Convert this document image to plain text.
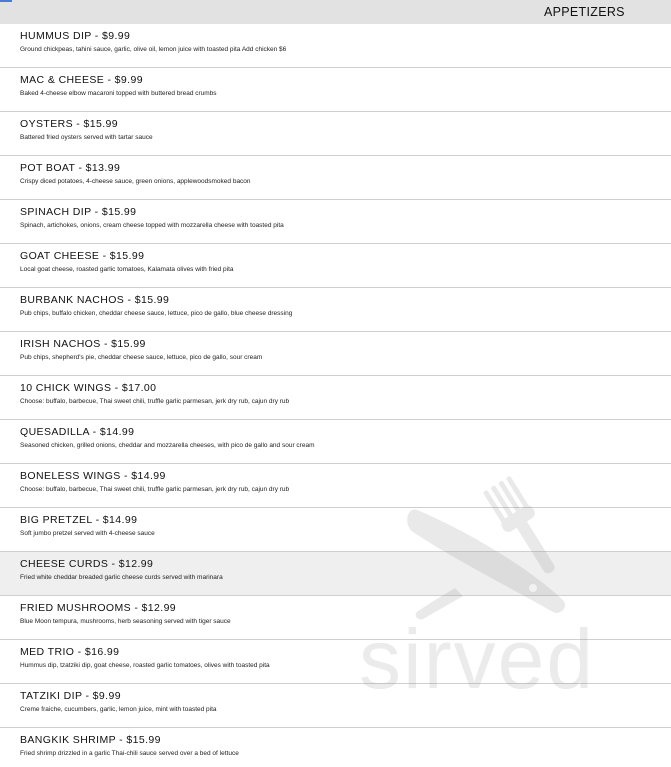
APPETIZERS
HUMMUS DIP - $9.99
Ground chickpeas, tahini sauce, garlic, olive oil, lemon juice with toasted pita Add chicken $6
MAC & CHEESE - $9.99
Baked 4-cheese elbow macaroni topped with buttered bread crumbs
OYSTERS - $15.99
Battered fried oysters served with tartar sauce
POT BOAT - $13.99
Crispy diced potatoes, 4-cheese sauce, green onions, applewoodsmoked bacon
SPINACH DIP - $15.99
Spinach, artichokes, onions, cream cheese topped with mozzarella cheese with toasted pita
GOAT CHEESE - $15.99
Local goat cheese, roasted garlic tomatoes, Kalamata olives with fried pita
BURBANK NACHOS - $15.99
Pub chips, buffalo chicken, cheddar cheese sauce, lettuce, pico de gallo, blue cheese dressing
IRISH NACHOS - $15.99
Pub chips, shepherd's pie, cheddar cheese sauce, lettuce, pico de gallo, sour cream
10 CHICK WINGS - $17.00
Choose: buffalo, barbecue, Thai sweet chili, truffle garlic parmesan, jerk dry rub, cajun dry rub
QUESADILLA - $14.99
Seasoned chicken, grilled onions, cheddar and mozzarella cheeses, with pico de gallo and sour cream
BONELESS WINGS - $14.99
Choose: buffalo, barbecue, Thai sweet chili, truffle garlic parmesan, jerk dry rub, cajun dry rub
BIG PRETZEL - $14.99
Soft jumbo pretzel served with 4-cheese sauce
CHEESE CURDS - $12.99
Fried white cheddar breaded garlic cheese curds served with marinara
FRIED MUSHROOMS - $12.99
Blue Moon tempura, mushrooms, herb seasoning served with tiger sauce
MED TRIO - $16.99
Hummus dip, tzatziki dip, goat cheese, roasted garlic tomatoes, olives with toasted pita
TATZIKI DIP - $9.99
Creme fraiche, cucumbers, garlic, lemon juice, mint with toasted pita
BANGKIK SHRIMP - $15.99
Fried shrimp drizzled in a garlic Thai-chili sauce served over a bed of lettuce
sirved
